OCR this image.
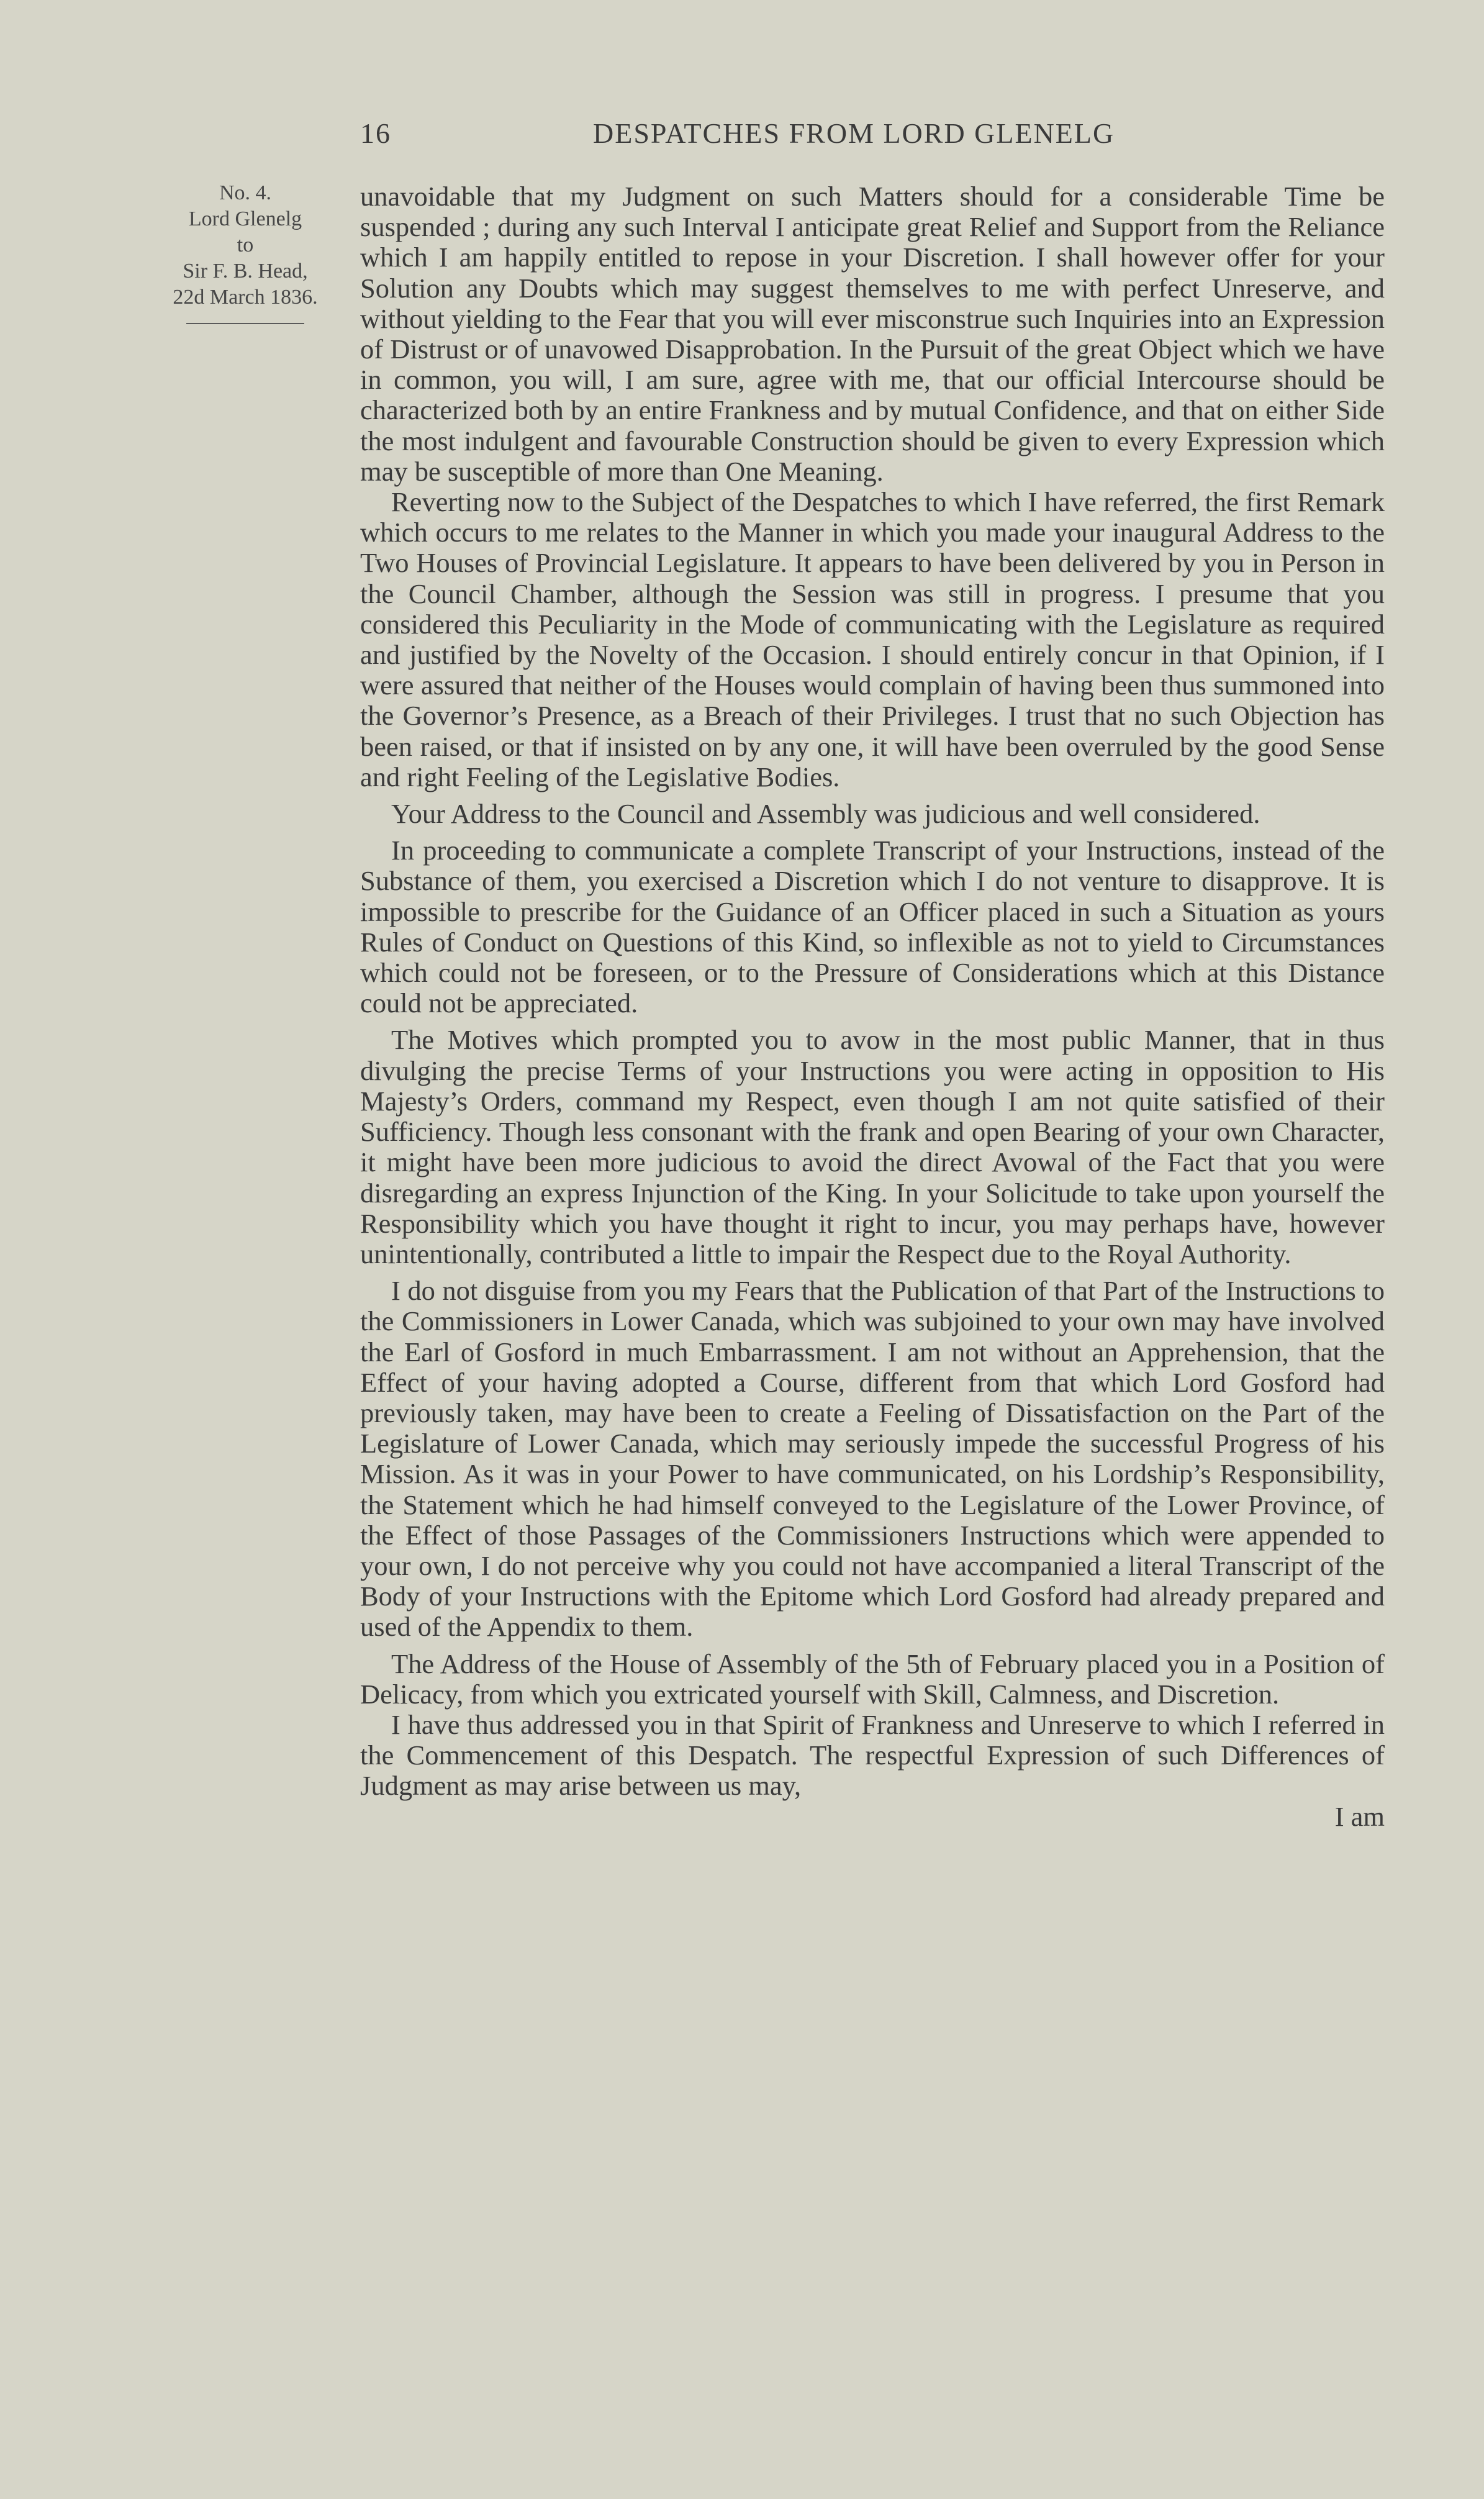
16	DESPATCHES FROM LORD GLENELG
No. 4.
Lord Glenelg
to
Sir F. B. Head,
22d March 1836.

unavoidable that my Judgment on such Matters should for a considerable Time be suspended ; during any such Interval I anticipate great Relief and Support from the Reliance which I am happily entitled to repose in your Discretion. I shall however offer for your Solution any Doubts which may suggest themselves to me with perfect Unreserve, and without yielding to the Fear that you will ever misconstrue such Inquiries into an Expression of Distrust or of unavowed Disapprobation. In the Pursuit of the great Object which we have in common, you will, I am sure, agree with me, that our official Intercourse should be characterized both by an entire Frankness and by mutual Confidence, and that on either Side the most indulgent and favourable Construction should be given to every Expression which may be susceptible of more than One Meaning.

Reverting now to the Subject of the Despatches to which I have referred, the first Remark which occurs to me relates to the Manner in which you made your inaugural Address to the Two Houses of Provincial Legislature. It appears to have been delivered by you in Person in the Council Chamber, although the Session was still in progress. I presume that you considered this Peculiarity in the Mode of communicating with the Legislature as required and justified by the Novelty of the Occasion. I should entirely concur in that Opinion, if I were assured that neither of the Houses would complain of having been thus summoned into the Governor’s Presence, as a Breach of their Privileges. I trust that no such Objection has been raised, or that if insisted on by any one, it will have been overruled by the good Sense and right Feeling of the Legislative Bodies.

Your Address to the Council and Assembly was judicious and well considered.

In proceeding to communicate a complete Transcript of your Instructions, instead of the Substance of them, you exercised a Discretion which I do not venture to disapprove. It is impossible to prescribe for the Guidance of an Officer placed in such a Situation as yours Rules of Conduct on Questions of this Kind, so inflexible as not to yield to Circumstances which could not be foreseen, or to the Pressure of Considerations which at this Distance could not be appreciated.

The Motives which prompted you to avow in the most public Manner, that in thus divulging the precise Terms of your Instructions you were acting in opposition to His Majesty’s Orders, command my Respect, even though I am not quite satisfied of their Sufficiency. Though less consonant with the frank and open Bearing of your own Character, it might have been more judicious to avoid the direct Avowal of the Fact that you were disregarding an express Injunction of the King. In your Solicitude to take upon yourself the Responsibility which you have thought it right to incur, you may perhaps have, however unintentionally, contributed a little to impair the Respect due to the Royal Authority.

I do not disguise from you my Fears that the Publication of that Part of the Instructions to the Commissioners in Lower Canada, which was subjoined to your own may have involved the Earl of Gosford in much Embarrassment. I am not without an Apprehension, that the Effect of your having adopted a Course, different from that which Lord Gosford had previously taken, may have been to create a Feeling of Dissatisfaction on the Part of the Legislature of Lower Canada, which may seriously impede the successful Progress of his Mission. As it was in your Power to have communicated, on his Lordship’s Responsibility, the Statement which he had himself conveyed to the Legislature of the Lower Province, of the Effect of those Passages of the Commissioners Instructions which were appended to your own, I do not perceive why you could not have accompanied a literal Transcript of the Body of your Instructions with the Epitome which Lord Gosford had already prepared and used of the Appendix to them.

The Address of the House of Assembly of the 5th of February placed you in a Position of Delicacy, from which you extricated yourself with Skill, Calmness, and Discretion.

I have thus addressed you in that Spirit of Frankness and Unreserve to which I referred in the Commencement of this Despatch. The respectful Expression of such Differences of Judgment as may arise between us may,

I am
